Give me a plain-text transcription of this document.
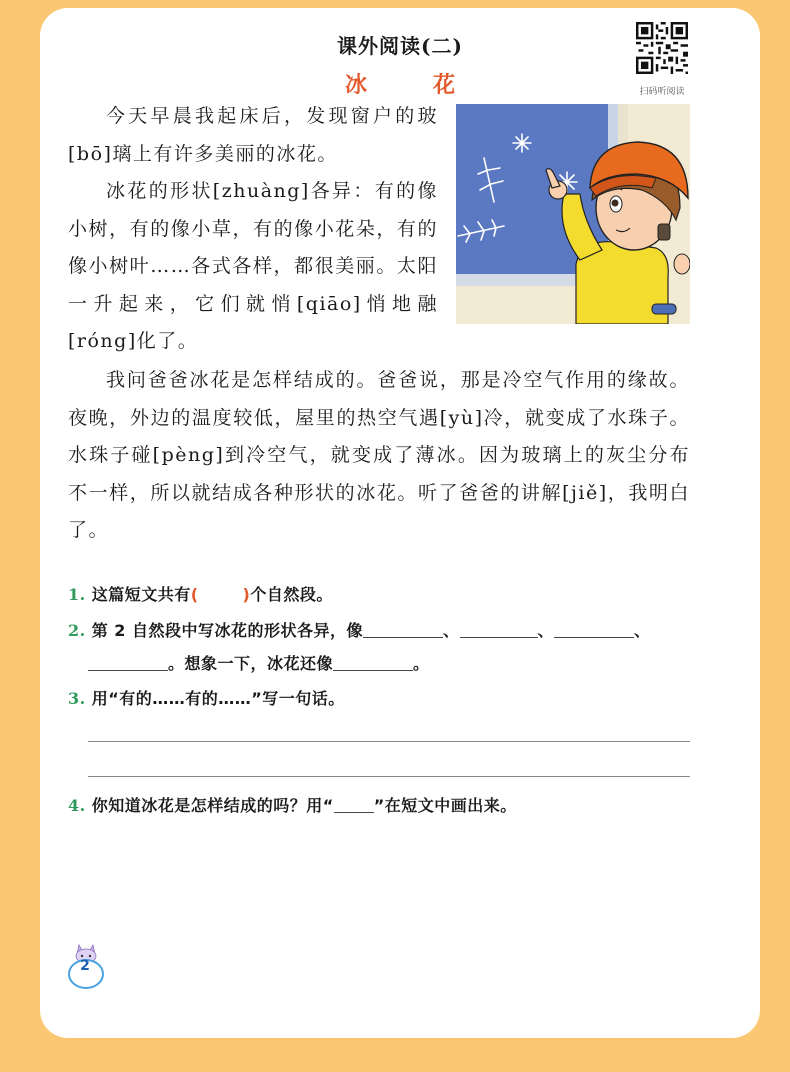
课外阅读(二)
冰　花	扫码听阅读

今天早晨我起床后，发现窗户的玻[bō]璃上有许多美丽的冰花。

冰花的形状[zhuàng]各异：有的像小树，有的像小草，有的像小花朵，有的像小树叶……各式各样，都很美丽。太阳一升起来，它们就悄[qiāo]悄地融[róng]化了。

我问爸爸冰花是怎样结成的。爸爸说，那是冷空气作用的缘故。夜晚，外边的温度较低，屋里的热空气遇[yù]冷，就变成了水珠子。水珠子碰[pèng]到冷空气，就变成了薄冰。因为玻璃上的灰尘分布不一样，所以就结成各种形状的冰花。听了爸爸的讲解[jiě]，我明白了。

1. 这篇短文共有(	)个自然段。
2. 第 2 自然段中写冰花的形状各异，像	、	、	、
。想象一下，冰花还像	。
3. 用“有的……有的……”写一句话。
4. 你知道冰花是怎样结成的吗？用“	”在短文中画出来。
2
